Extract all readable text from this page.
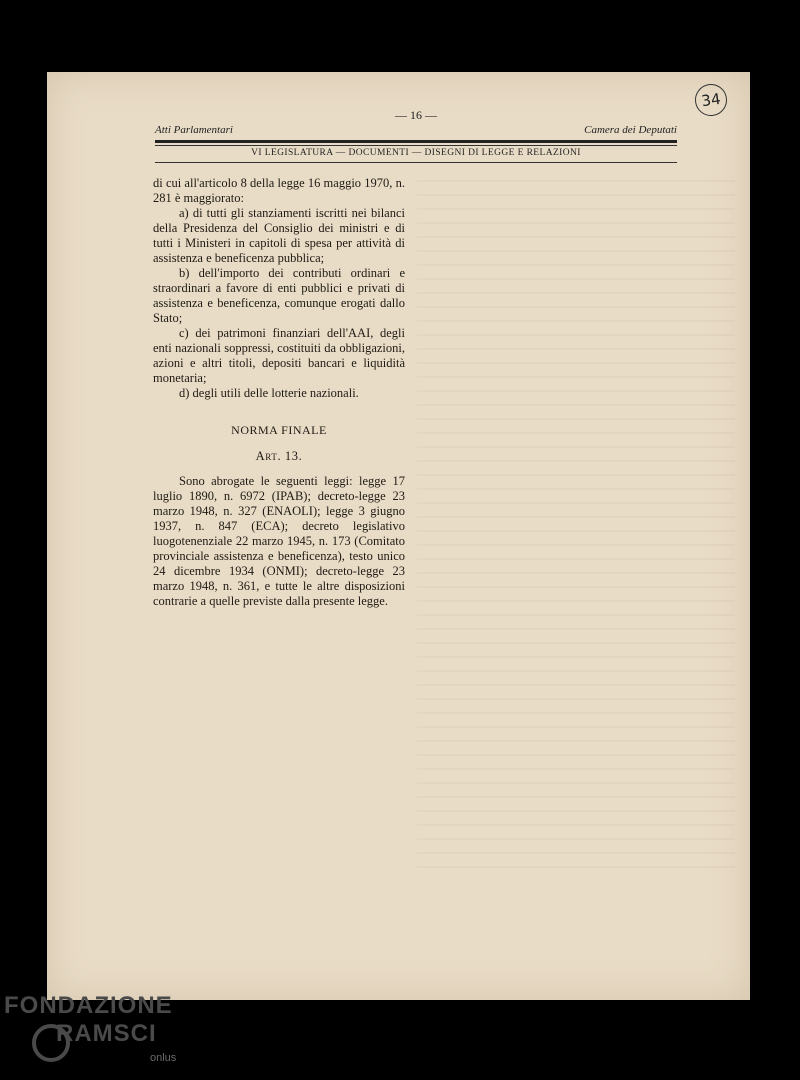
Atti Parlamentari
— 16 —
Camera dei Deputati
VI LEGISLATURA — DOCUMENTI — DISEGNI DI LEGGE E RELAZIONI
34

di cui all'articolo 8 della legge 16 maggio 1970, n. 281 è maggiorato:

a) di tutti gli stanziamenti iscritti nei bilanci della Presidenza del Consiglio dei ministri e di tutti i Ministeri in capitoli di spesa per attività di assistenza e beneficenza pubblica;

b) dell'importo dei contributi ordinari e straordinari a favore di enti pubblici e privati di assistenza e beneficenza, comunque erogati dallo Stato;

c) dei patrimoni finanziari dell'AAI, degli enti nazionali soppressi, costituiti da obbligazioni, azioni e altri titoli, depositi bancari e liquidità monetaria;

d) degli utili delle lotterie nazionali.

NORMA FINALE

Art. 13.

Sono abrogate le seguenti leggi: legge 17 luglio 1890, n. 6972 (IPAB); decreto-legge 23 marzo 1948, n. 327 (ENAOLI); legge 3 giugno 1937, n. 847 (ECA); decreto legislativo luogotenenziale 22 marzo 1945, n. 173 (Comitato provinciale assistenza e beneficenza), testo unico 24 dicembre 1934 (ONMI); decreto-legge 23 marzo 1948, n. 361, e tutte le altre disposizioni contrarie a quelle previste dalla presente legge.

FONDAZIONE
RAMSCI
onlus
